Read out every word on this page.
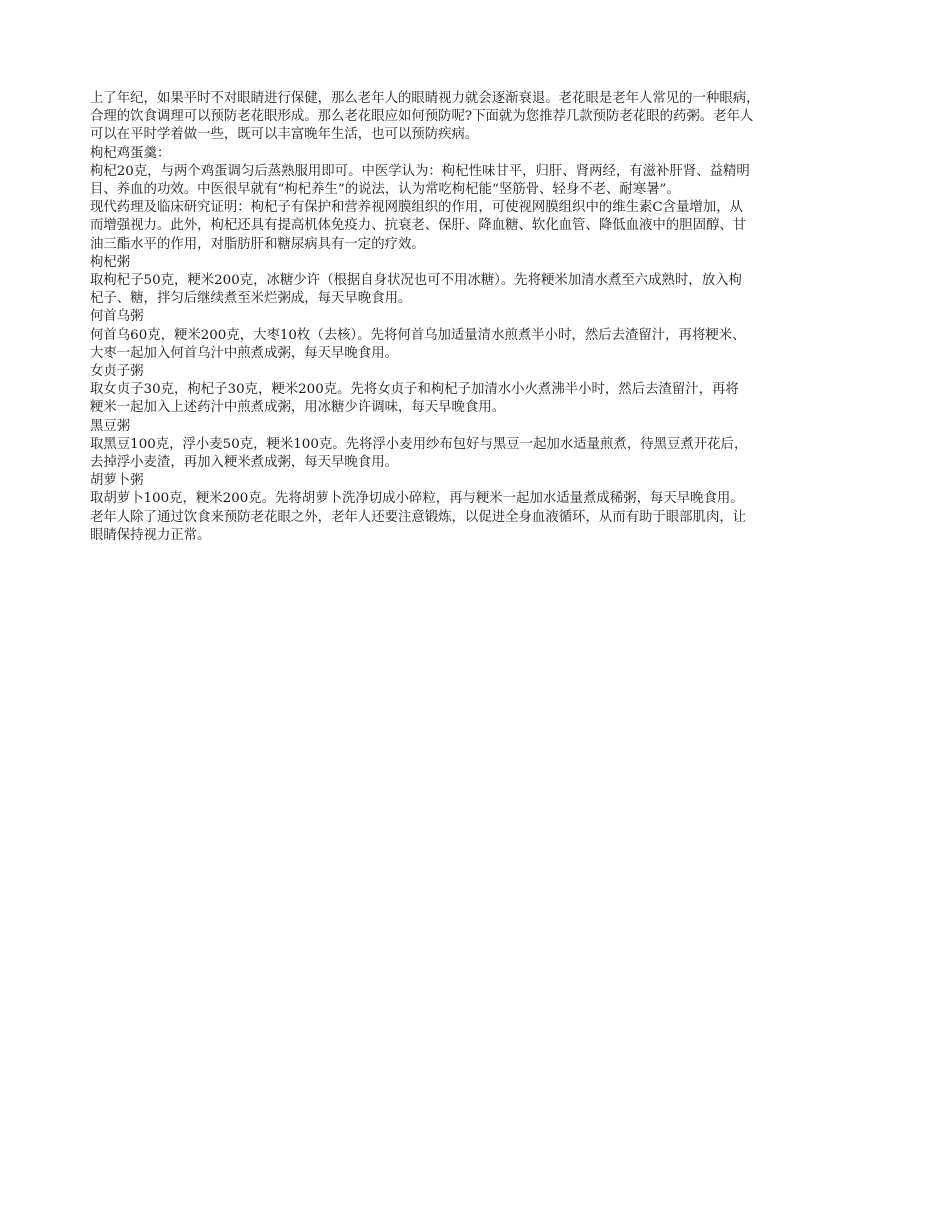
上了年纪，如果平时不对眼睛进行保健，那么老年人的眼睛视力就会逐渐衰退。老花眼是老年人常见的一种眼病，
合理的饮食调理可以预防老花眼形成。那么老花眼应如何预防呢?下面就为您推荐几款预防老花眼的药粥。老年人
可以在平时学着做一些，既可以丰富晚年生活，也可以预防疾病。
枸杞鸡蛋羹：
枸杞20克，与两个鸡蛋调匀后蒸熟服用即可。中医学认为：枸杞性味甘平，归肝、肾两经，有滋补肝肾、益精明
目、养血的功效。中医很早就有“枸杞养生”的说法，认为常吃枸杞能“坚筋骨、轻身不老、耐寒暑”。
现代药理及临床研究证明：枸杞子有保护和营养视网膜组织的作用，可使视网膜组织中的维生素C含量增加，从
而增强视力。此外，枸杞还具有提高机体免疫力、抗衰老、保肝、降血糖、软化血管、降低血液中的胆固醇、甘
油三酯水平的作用，对脂肪肝和糖尿病具有一定的疗效。
枸杞粥
取枸杞子50克，粳米200克，冰糖少许（根据自身状况也可不用冰糖）。先将粳米加清水煮至六成熟时，放入枸
杞子、糖，拌匀后继续煮至米烂粥成，每天早晚食用。
何首乌粥
何首乌60克，粳米200克，大枣10枚（去核）。先将何首乌加适量清水煎煮半小时，然后去渣留汁，再将粳米、
大枣一起加入何首乌汁中煎煮成粥，每天早晚食用。
女贞子粥
取女贞子30克，枸杞子30克，粳米200克。先将女贞子和枸杞子加清水小火煮沸半小时，然后去渣留汁，再将
粳米一起加入上述药汁中煎煮成粥，用冰糖少许调味，每天早晚食用。
黑豆粥
取黑豆100克，浮小麦50克，粳米100克。先将浮小麦用纱布包好与黑豆一起加水适量煎煮，待黑豆煮开花后，
去掉浮小麦渣，再加入粳米煮成粥，每天早晚食用。
胡萝卜粥
取胡萝卜100克，粳米200克。先将胡萝卜洗净切成小碎粒，再与粳米一起加水适量煮成稀粥，每天早晚食用。
老年人除了通过饮食来预防老花眼之外，老年人还要注意锻炼，以促进全身血液循环，从而有助于眼部肌肉，让
眼睛保持视力正常。
